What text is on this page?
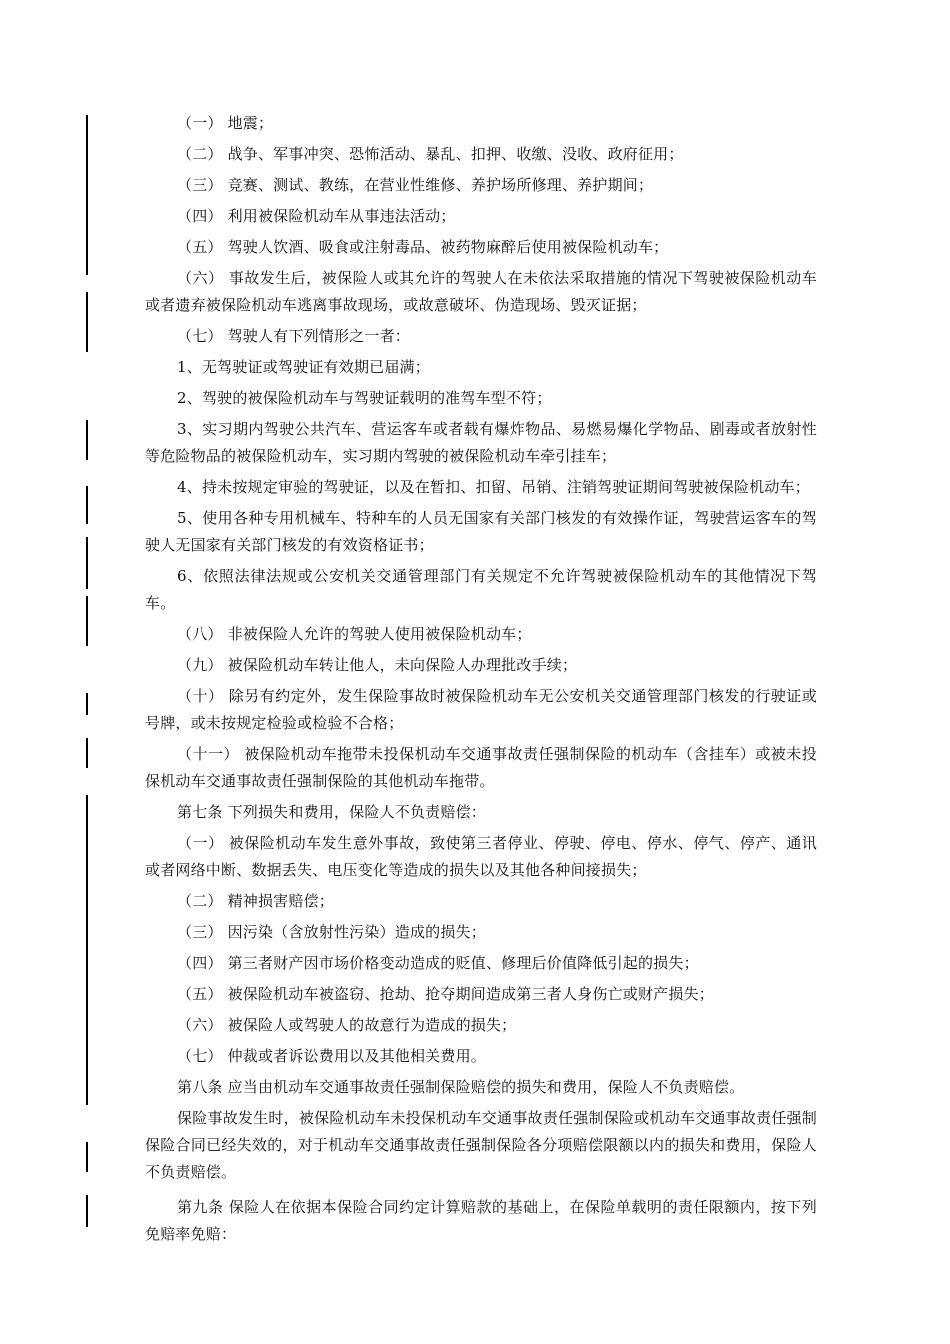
（一） 地震；

（二） 战争、军事冲突、恐怖活动、暴乱、扣押、收缴、没收、政府征用；

（三） 竞赛、测试、教练，在营业性维修、养护场所修理、养护期间；

（四） 利用被保险机动车从事违法活动；

（五） 驾驶人饮酒、吸食或注射毒品、被药物麻醉后使用被保险机动车；

（六） 事故发生后，被保险人或其允许的驾驶人在未依法采取措施的情况下驾驶被保险机动车或者遗弃被保险机动车逃离事故现场，或故意破坏、伪造现场、毁灭证据；

（七） 驾驶人有下列情形之一者：

1、无驾驶证或驾驶证有效期已届满；

2、驾驶的被保险机动车与驾驶证载明的准驾车型不符；

3、实习期内驾驶公共汽车、营运客车或者载有爆炸物品、易燃易爆化学物品、剧毒或者放射性等危险物品的被保险机动车，实习期内驾驶的被保险机动车牵引挂车；

4、持未按规定审验的驾驶证，以及在暂扣、扣留、吊销、注销驾驶证期间驾驶被保险机动车；

5、使用各种专用机械车、特种车的人员无国家有关部门核发的有效操作证，驾驶营运客车的驾驶人无国家有关部门核发的有效资格证书；

6、依照法律法规或公安机关交通管理部门有关规定不允许驾驶被保险机动车的其他情况下驾车。

（八） 非被保险人允许的驾驶人使用被保险机动车；

（九） 被保险机动车转让他人，未向保险人办理批改手续；

（十） 除另有约定外，发生保险事故时被保险机动车无公安机关交通管理部门核发的行驶证或号牌，或未按规定检验或检验不合格；

（十一） 被保险机动车拖带未投保机动车交通事故责任强制保险的机动车（含挂车）或被未投保机动车交通事故责任强制保险的其他机动车拖带。

第七条 下列损失和费用，保险人不负责赔偿：

（一） 被保险机动车发生意外事故，致使第三者停业、停驶、停电、停水、停气、停产、通讯或者网络中断、数据丢失、电压变化等造成的损失以及其他各种间接损失；

（二） 精神损害赔偿；

（三） 因污染（含放射性污染）造成的损失；

（四） 第三者财产因市场价格变动造成的贬值、修理后价值降低引起的损失；

（五） 被保险机动车被盗窃、抢劫、抢夺期间造成第三者人身伤亡或财产损失；

（六） 被保险人或驾驶人的故意行为造成的损失；

（七） 仲裁或者诉讼费用以及其他相关费用。

第八条 应当由机动车交通事故责任强制保险赔偿的损失和费用，保险人不负责赔偿。

保险事故发生时，被保险机动车未投保机动车交通事故责任强制保险或机动车交通事故责任强制保险合同已经失效的，对于机动车交通事故责任强制保险各分项赔偿限额以内的损失和费用，保险人不负责赔偿。

第九条 保险人在依据本保险合同约定计算赔款的基础上，在保险单载明的责任限额内，按下列免赔率免赔：
